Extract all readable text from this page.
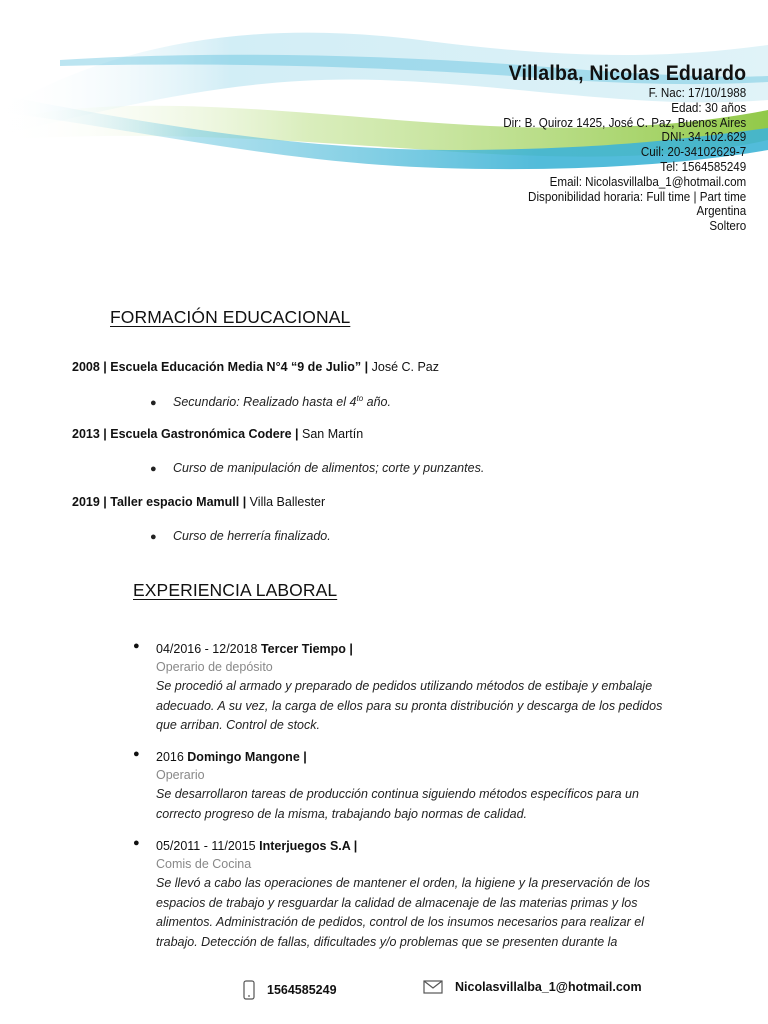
Villalba, Nicolas Eduardo
F. Nac: 17/10/1988
Edad: 30 años
Dir: B. Quiroz 1425, José C. Paz, Buenos Aires
DNI: 34.102.629
Cuil: 20-34102629-7
Tel: 1564585249
Email: Nicolasvillalba_1@hotmail.com
Disponibilidad horaria: Full time | Part time
Argentina
Soltero
FORMACIÓN EDUCACIONAL
2008 | Escuela Educación Media N°4 “9 de Julio” | José C. Paz
● Secundario: Realizado hasta el $4^{to}$ año.
2013 | Escuela Gastronómica Codere | San Martín
● Curso de manipulación de alimentos; corte y punzantes.
2019 | Taller espacio Mamull | Villa Ballester
● Curso de herrería finalizado.
EXPERIENCIA LABORAL
● 04/2016 - 12/2018 Tercer Tiempo |
Operario de depósito
Se procedió al armado y preparado de pedidos utilizando métodos de estibaje y embalaje adecuado. A su vez, la carga de ellos para su pronta distribución y descarga de los pedidos que arriban. Control de stock.
● 2016 Domingo Mangone |
Operario
Se desarrollaron tareas de producción continua siguiendo métodos específicos para un correcto progreso de la misma, trabajando bajo normas de calidad.
● 05/2011 - 11/2015 Interjuegos S.A |
Comis de Cocina
Se llevó a cabo las operaciones de mantener el orden, la higiene y la preservación de los espacios de trabajo y resguardar la calidad de almacenaje de las materias primas y los alimentos. Administración de pedidos, control de los insumos necesarios para realizar el trabajo. Detección de fallas, dificultades y/o problemas que se presenten durante la
1564585249	Nicolasvillalba_1@hotmail.com
